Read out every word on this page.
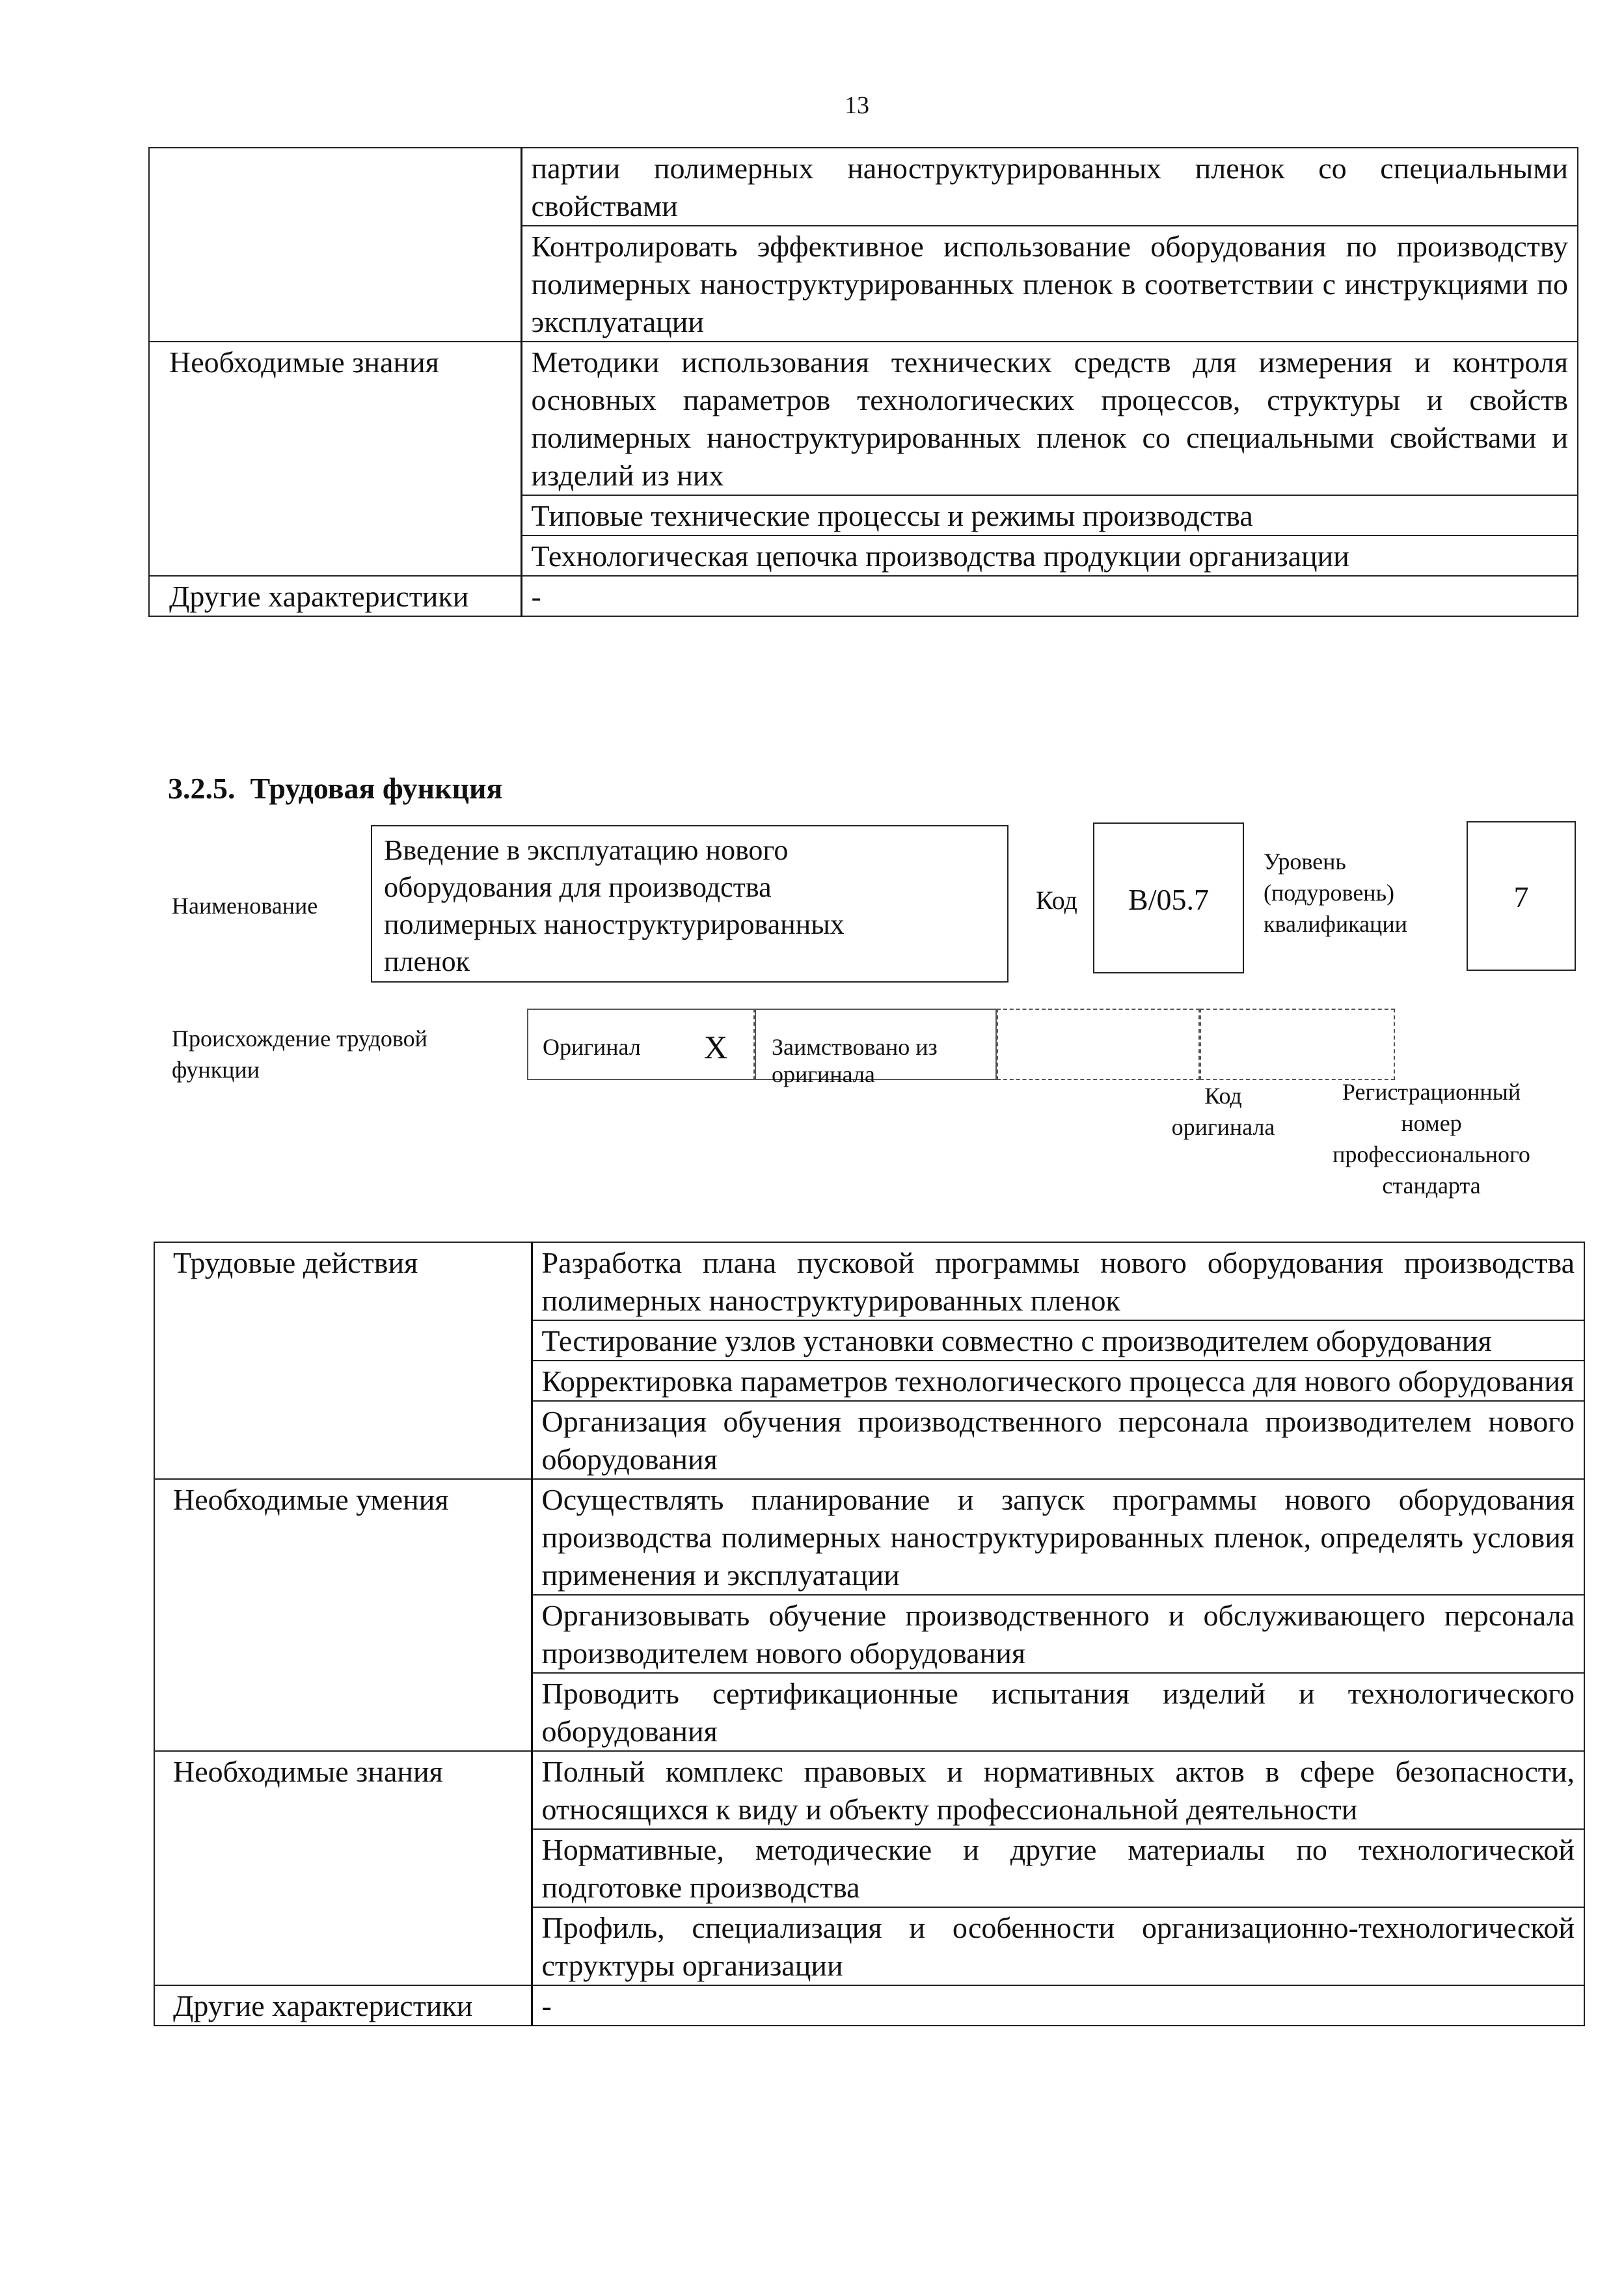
13
	партии полимерных наноструктурированных пленок со специальными свойствами
	Контролировать эффективное использование оборудования по производству полимерных наноструктурированных пленок в соответствии с инструкциями по эксплуатации
Необходимые знания	Методики использования технических средств для измерения и контроля основных параметров технологических процессов, структуры и свойств полимерных наноструктурированных пленок со специальными свойствами и изделий из них
	Типовые технические процессы и режимы производства
	Технологическая цепочка производства продукции организации
Другие характеристики	-
3.2.5. Трудовая функция
Наименование
Введение в эксплуатацию нового
оборудования для производства
полимерных наноструктурированных
пленок
Код	В/05.7
Уровень
(подуровень)
квалификации
7
Происхождение трудовой
функции
Оригинал X	Заимствовано из оригинала
Код
оригинала
Регистрационный
номер
профессионального
стандарта
Трудовые действия	Разработка плана пусковой программы нового оборудования производства полимерных наноструктурированных пленок
	Тестирование узлов установки совместно с производителем оборудования
	Корректировка параметров технологического процесса для нового оборудования
	Организация обучения производственного персонала производителем нового оборудования
Необходимые умения	Осуществлять планирование и запуск программы нового оборудования производства полимерных наноструктурированных пленок, определять условия применения и эксплуатации
	Организовывать обучение производственного и обслуживающего персонала производителем нового оборудования
	Проводить сертификационные испытания изделий и технологического оборудования
Необходимые знания	Полный комплекс правовых и нормативных актов в сфере безопасности, относящихся к виду и объекту профессиональной деятельности
	Нормативные, методические и другие материалы по технологической подготовке производства
	Профиль, специализация и особенности организационно-технологической структуры организации
Другие характеристики	-
